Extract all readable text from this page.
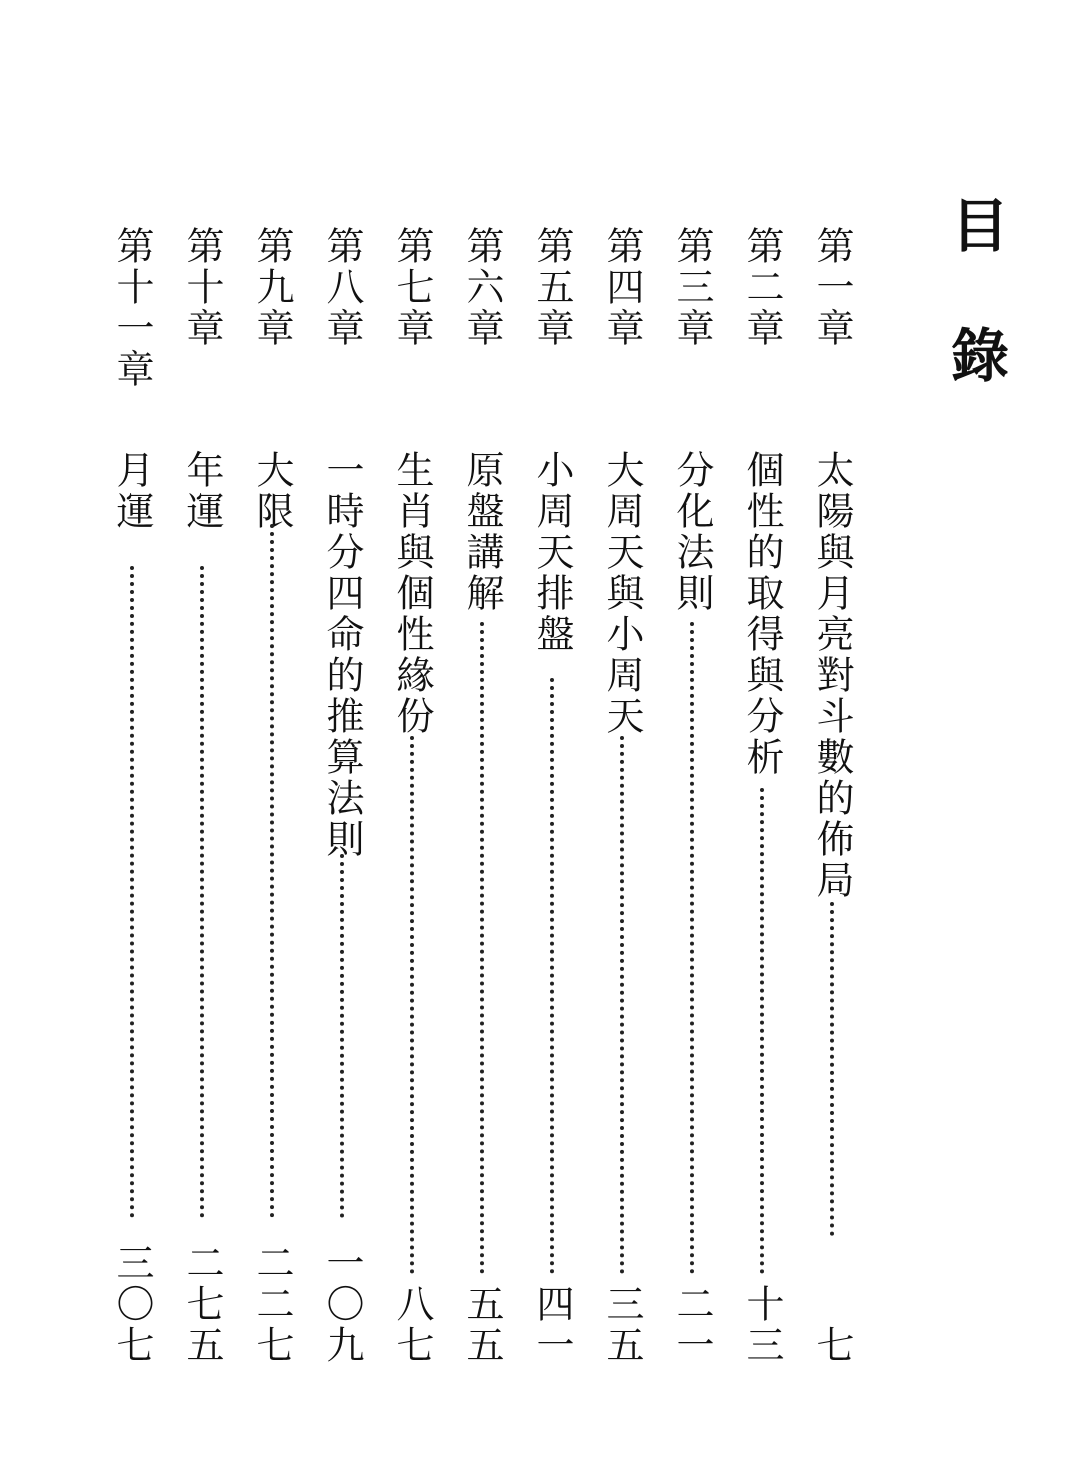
目
錄
第一章
太陽與月亮對斗數的佈局
七
第二章
個性的取得與分析
十三
第三章
分化法則
二一
第四章
大周天與小周天
三五
第五章
小周天排盤
四一
第六章
原盤講解
五五
第七章
生肖與個性緣份
八七
第八章
一時分四命的推算法則
一〇九
第九章
大限
二二七
第十章
年運
二七五
第十一章
月運
三〇七
